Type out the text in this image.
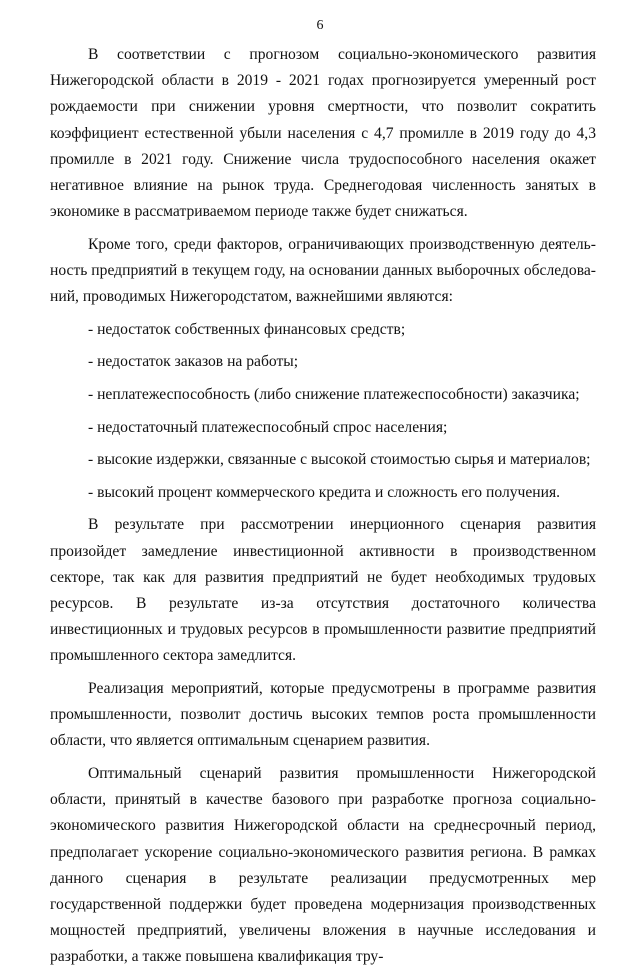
6

В соответствии с прогнозом социально-экономического развития Нижегородской области в 2019 - 2021 годах прогнозируется умеренный рост рождаемости при снижении уровня смертности, что позволит сократить коэффициент естественной убыли населения с 4,7 промилле в 2019 году до 4,3 промилле в 2021 году. Снижение числа трудоспособного населения окажет негативное влияние на рынок труда. Среднегодовая численность занятых в экономике в рассматриваемом периоде также будет снижаться.

Кроме того, среди факторов, ограничивающих производственную деятельность предприятий в текущем году, на основании данных выборочных обследований, проводимых Нижегородстатом, важнейшими являются:

- недостаток собственных финансовых средств;
- недостаток заказов на работы;
- неплатежеспособность (либо снижение платежеспособности) заказчика;
- недостаточный платежеспособный спрос населения;
- высокие издержки, связанные с высокой стоимостью сырья и материалов;
- высокий процент коммерческого кредита и сложность его получения.

В результате при рассмотрении инерционного сценария развития произойдет замедление инвестиционной активности в производственном секторе, так как для развития предприятий не будет необходимых трудовых ресурсов. В результате из-за отсутствия достаточного количества инвестиционных и трудовых ресурсов в промышленности развитие предприятий промышленного сектора замедлится.

Реализация мероприятий, которые предусмотрены в программе развития промышленности, позволит достичь высоких темпов роста промышленности области, что является оптимальным сценарием развития.

Оптимальный сценарий развития промышленности Нижегородской области, принятый в качестве базового при разработке прогноза социально-экономического развития Нижегородской области на среднесрочный период, предполагает ускорение социально-экономического развития региона. В рамках данного сценария в результате реализации предусмотренных мер государственной поддержки будет проведена модернизация производственных мощностей предприятий, увеличены вложения в научные исследования и разработки, а также повышена квалификация тру-
